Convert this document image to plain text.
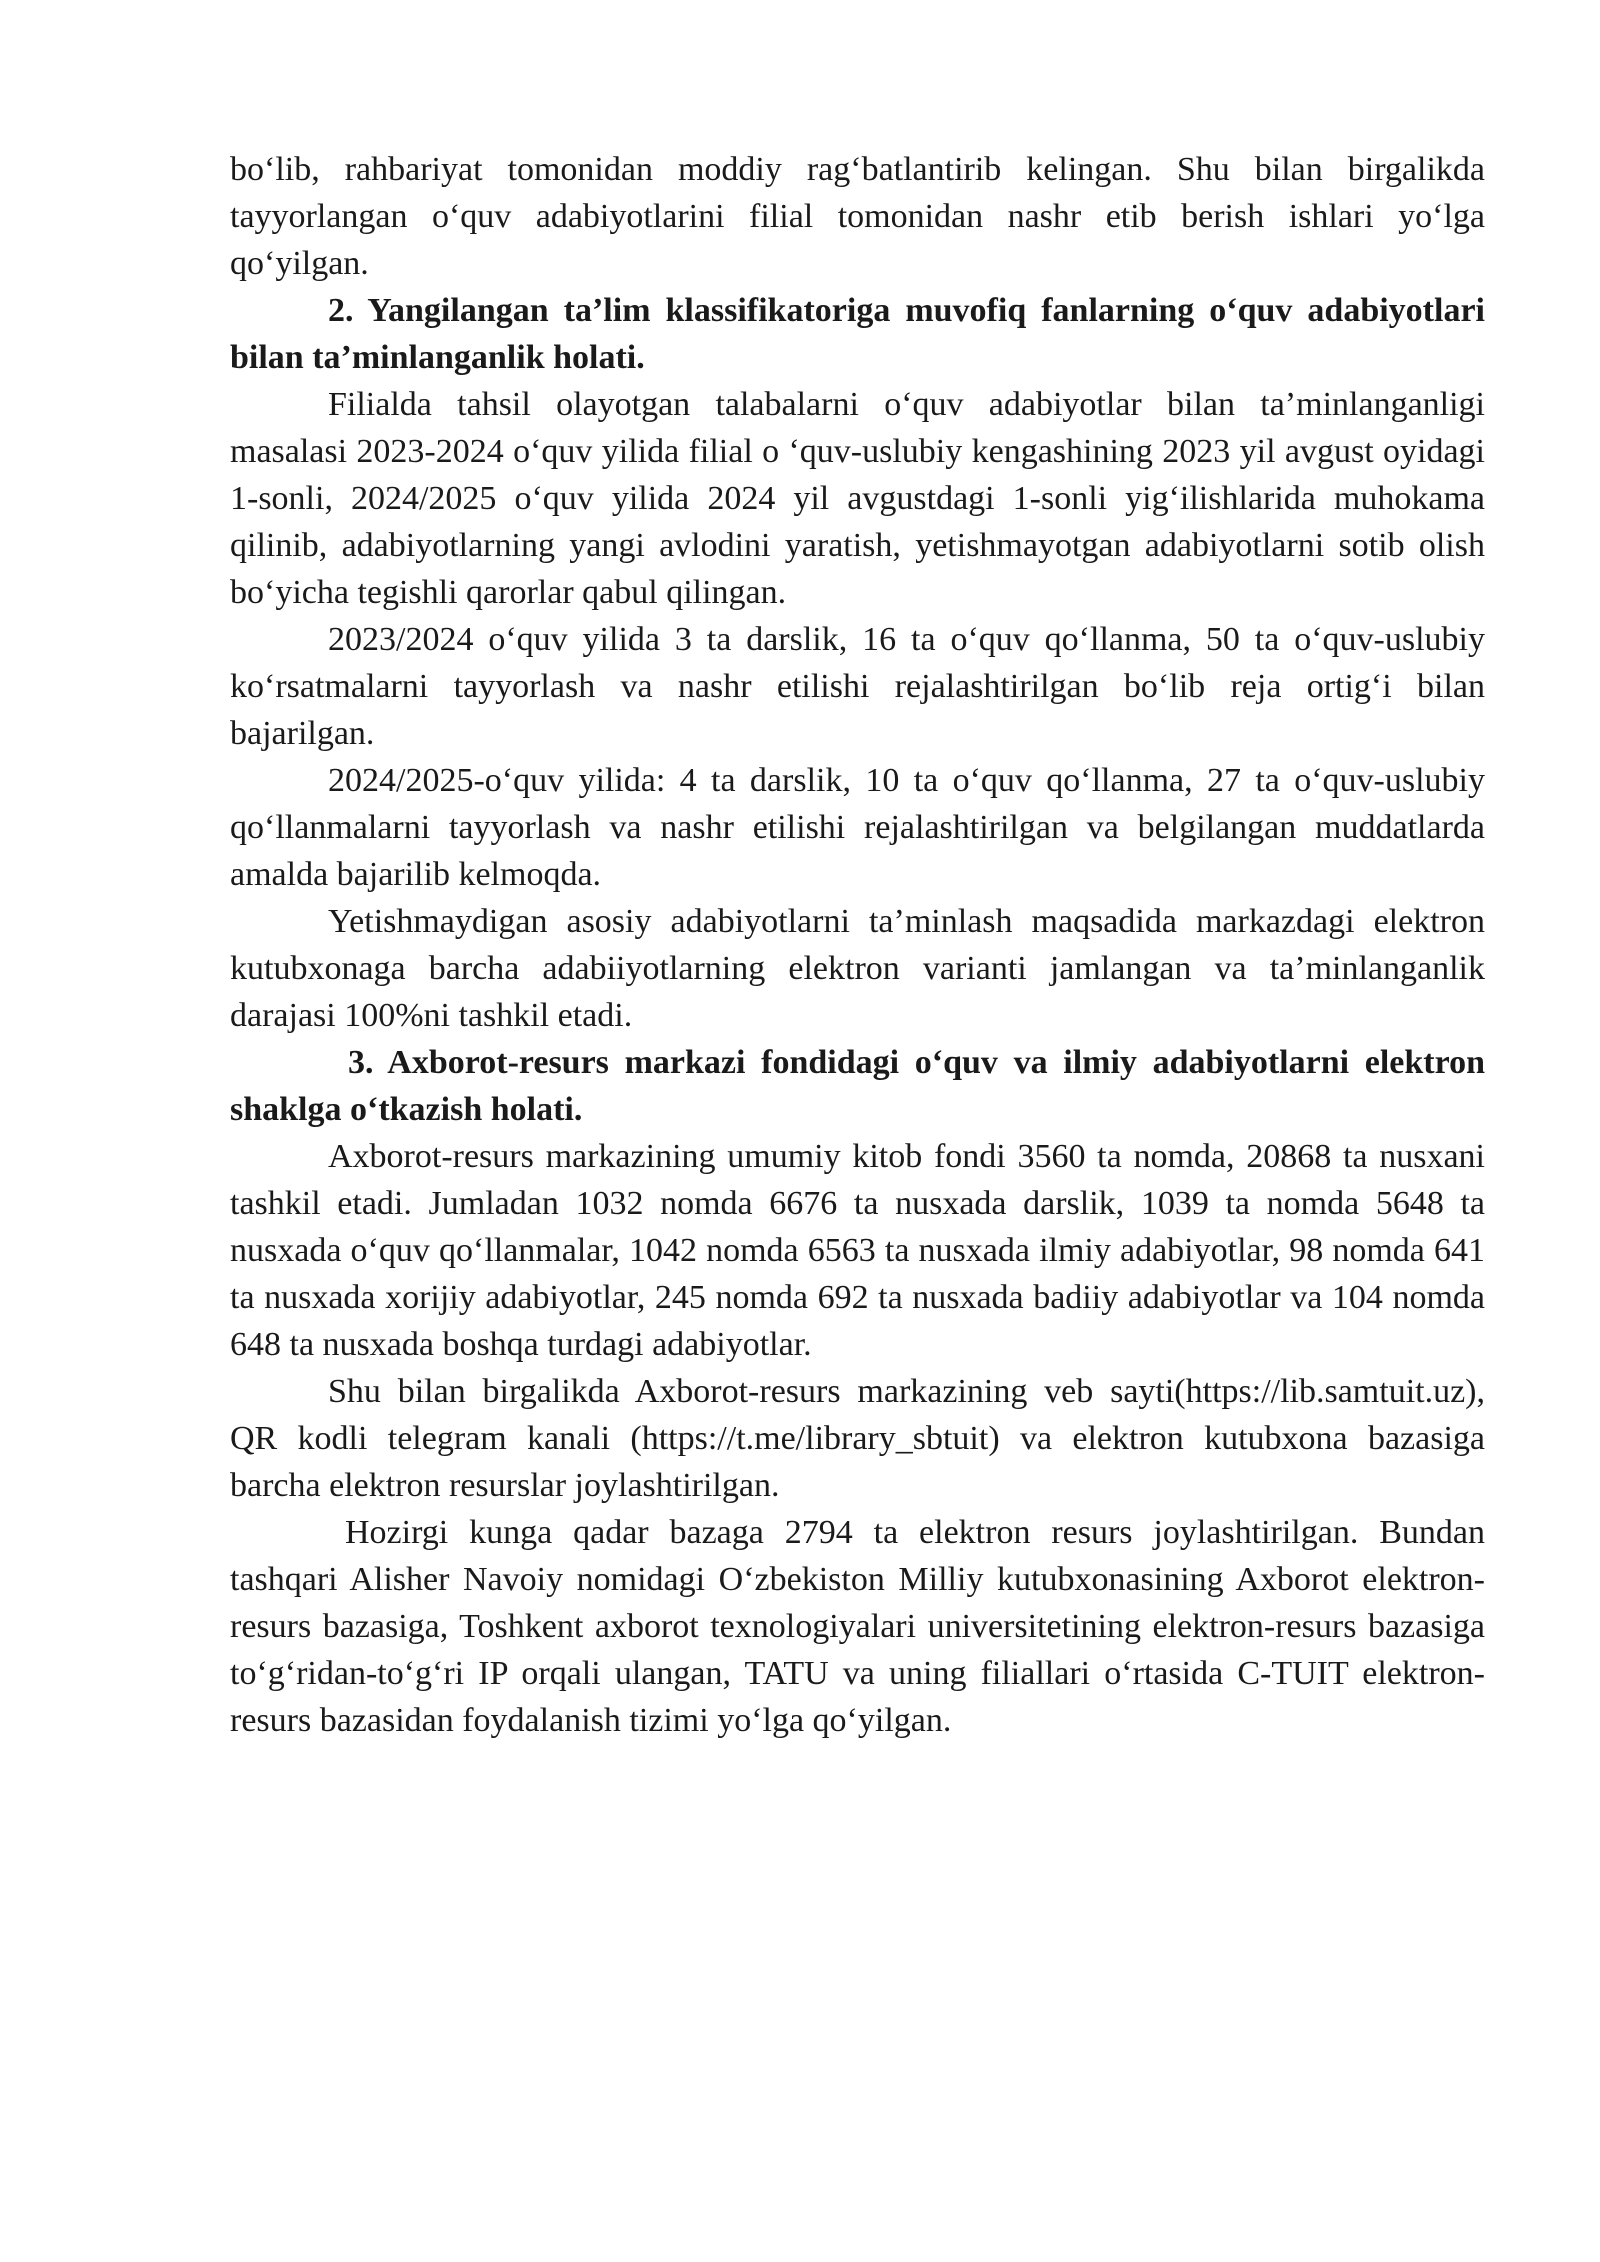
bo‘lib, rahbariyat tomonidan moddiy rag‘batlantirib kelingan. Shu bilan birgalikda tayyorlangan o‘quv adabiyotlarini filial tomonidan nashr etib berish ishlari yo‘lga qo‘yilgan.

2. Yangilangan ta’lim klassifikatoriga muvofiq fanlarning o‘quv adabiyotlari bilan ta’minlanganlik holati.

Filialda tahsil olayotgan talabalarni o‘quv adabiyotlar bilan ta’minlanganligi masalasi 2023-2024 o‘quv yilida filial o ‘quv-uslubiy kengashining 2023 yil avgust oyidagi 1-sonli, 2024/2025 o‘quv yilida 2024 yil avgustdagi 1-sonli yig‘ilishlarida muhokama qilinib, adabiyotlarning yangi avlodini yaratish, yetishmayotgan adabiyotlarni sotib olish bo‘yicha tegishli qarorlar qabul qilingan.

2023/2024 o‘quv yilida 3 ta darslik, 16 ta o‘quv qo‘llanma, 50 ta o‘quv-uslubiy ko‘rsatmalarni tayyorlash va nashr etilishi rejalashtirilgan bo‘lib reja ortig‘i bilan bajarilgan.

2024/2025-o‘quv yilida: 4 ta darslik, 10 ta o‘quv qo‘llanma, 27 ta o‘quv-uslubiy qo‘llanmalarni tayyorlash va nashr etilishi rejalashtirilgan va belgilangan muddatlarda amalda bajarilib kelmoqda.

Yetishmaydigan asosiy adabiyotlarni ta’minlash maqsadida markazdagi elektron kutubxonaga barcha adabiiyotlarning elektron varianti jamlangan va ta’minlanganlik darajasi 100%ni tashkil etadi.

3. Axborot-resurs markazi fondidagi o‘quv va ilmiy adabiyotlarni elektron shaklga o‘tkazish holati.

Axborot-resurs markazining umumiy kitob fondi 3560 ta nomda, 20868 ta nusxani tashkil etadi. Jumladan 1032 nomda 6676 ta nusxada darslik, 1039 ta nomda 5648 ta nusxada o‘quv qo‘llanmalar, 1042 nomda 6563 ta nusxada ilmiy adabiyotlar, 98 nomda 641 ta nusxada xorijiy adabiyotlar, 245 nomda 692 ta nusxada badiiy adabiyotlar va 104 nomda 648 ta nusxada boshqa turdagi adabiyotlar.

Shu bilan birgalikda Axborot-resurs markazining veb sayti(https://lib.samtuit.uz), QR kodli telegram kanali (https://t.me/library_sbtuit) va elektron kutubxona bazasiga barcha elektron resurslar joylashtirilgan.

Hozirgi kunga qadar bazaga 2794 ta elektron resurs joylashtirilgan. Bundan tashqari Alisher Navoiy nomidagi O‘zbekiston Milliy kutubxonasining Axborot elektron-resurs bazasiga, Toshkent axborot texnologiyalari universitetining elektron-resurs bazasiga to‘g‘ridan-to‘g‘ri IP orqali ulangan, TATU va uning filiallari o‘rtasida C-TUIT elektron-resurs bazasidan foydalanish tizimi yo‘lga qo‘yilgan.
